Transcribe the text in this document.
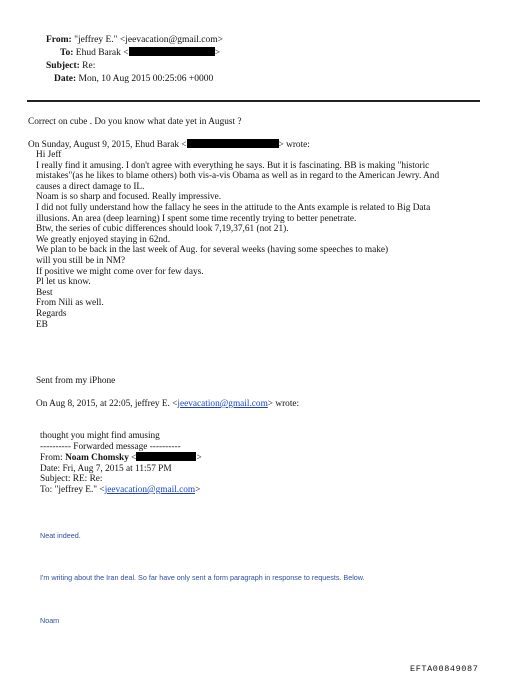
From: "jeffrey E." <jeevacation@gmail.com>
To: Ehud Barak <	>
Subject: Re:
Date: Mon, 10 Aug 2015 00:25:06 +0000
Correct on cube . Do you know what date yet in August ?
On Sunday, August 9, 2015, Ehud Barak <	> wrote:
Hi Jeff
I really find it amusing. I don't agree with everything he says. But it is fascinating. BB is making "historic
mistakes"(as he likes to blame others) both vis-a-vis Obama as well as in regard to the American Jewry. And
causes a direct damage to IL.
Noam is so sharp and focused. Really impressive.
I did not fully understand how the fallacy he sees in the attitude to the Ants example is related to Big Data
illusions. An area (deep learning) I spent some time recently trying to better penetrate.
Btw, the series of cubic differences should look 7,19,37,61 (not 21).
We greatly enjoyed staying in 62nd.
We plan to be back in the last week of Aug. for several weeks (having some speeches to make)
will you still be in NM?
If positive we might come over for few days.
Pl let us know.
Best
From Nili as well.
Regards
EB
Sent from my iPhone
On Aug 8, 2015, at 22:05, jeffrey E. <jeevacation@gmail.com> wrote:
thought you might find amusing
---------- Forwarded message ----------
From: Noam Chomsky <	>
Date: Fri, Aug 7, 2015 at 11:57 PM
Subject: RE: Re:
To: "jeffrey E." <jeevacation@gmail.com>
Neat indeed.
I'm writing about the Iran deal. So far have only sent a form paragraph in response to requests. Below.
Noam
EFTA00849087
